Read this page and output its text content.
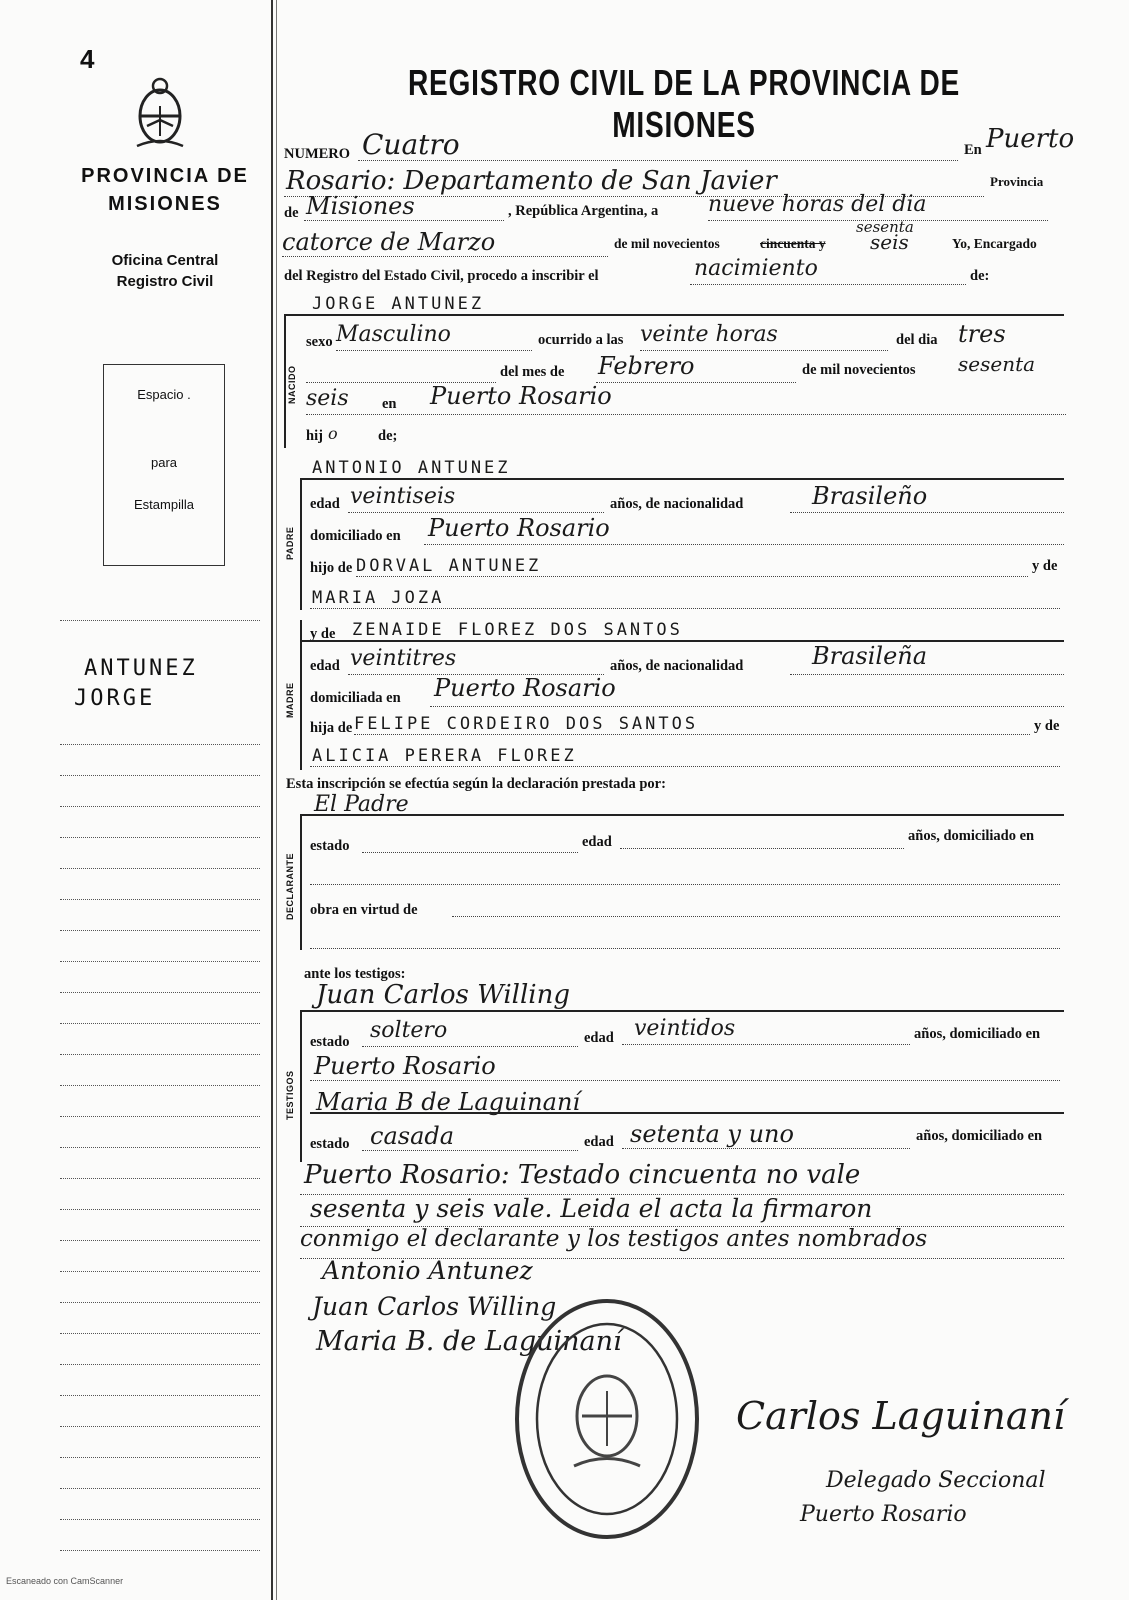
4
PROVINCIA DE MISIONES
Oficina Central
Registro Civil
Espacio .
para
Estampilla
ANTUNEZ
JORGE
REGISTRO CIVIL DE LA PROVINCIA DE MISIONES
NUMERO Cuatro	En Puerto
Rosario: Departamento de San Javier	Provincia
de Misiones	, República Argentina, a nueve horas del dia
sesenta
catorce de Marzo	de mil novecientos	cincuenta y seis	Yo, Encargado
del Registro del Estado Civil, procedo a inscribir el	nacimiento	de:
JORGE ANTUNEZ
NACIDO
sexo Masculino	ocurrido a las veinte horas	del dia tres
del mes de Febrero	de mil novecientos sesenta
seis en Puerto Rosario
hij o	de;
ANTONIO ANTUNEZ
PADRE
edad veintiseis	años, de nacionalidad	Brasileño
domiciliado en Puerto Rosario
hijo de DORVAL ANTUNEZ	y de
MARIA JOZA
y de ZENAIDE FLOREZ DOS SANTOS
MADRE
edad veintitres	años, de nacionalidad	Brasileña
domiciliada en Puerto Rosario
hija de FELIPE CORDEIRO DOS SANTOS	y de
ALICIA PERERA FLOREZ
Esta inscripción se efectúa según la declaración prestada por:
El Padre
DECLARANTE
estado	edad	años, domiciliado en
obra en virtud de
ante los testigos:
Juan Carlos Willing
TESTIGOS
estado soltero	edad veintidos	años, domiciliado en
Puerto Rosario
Maria B de Laguinaní
estado casada	edad setenta y uno	años, domiciliado en
Puerto Rosario: Testado cincuenta no vale
sesenta y seis vale. Leida el acta la firmaron
conmigo el declarante y los testigos antes nombrados
Antonio Antunez
Juan Carlos Willing
Maria B. de Laguinaní
Carlos Laguinaní
Delegado Seccional
Puerto Rosario
Escaneado con CamScanner
